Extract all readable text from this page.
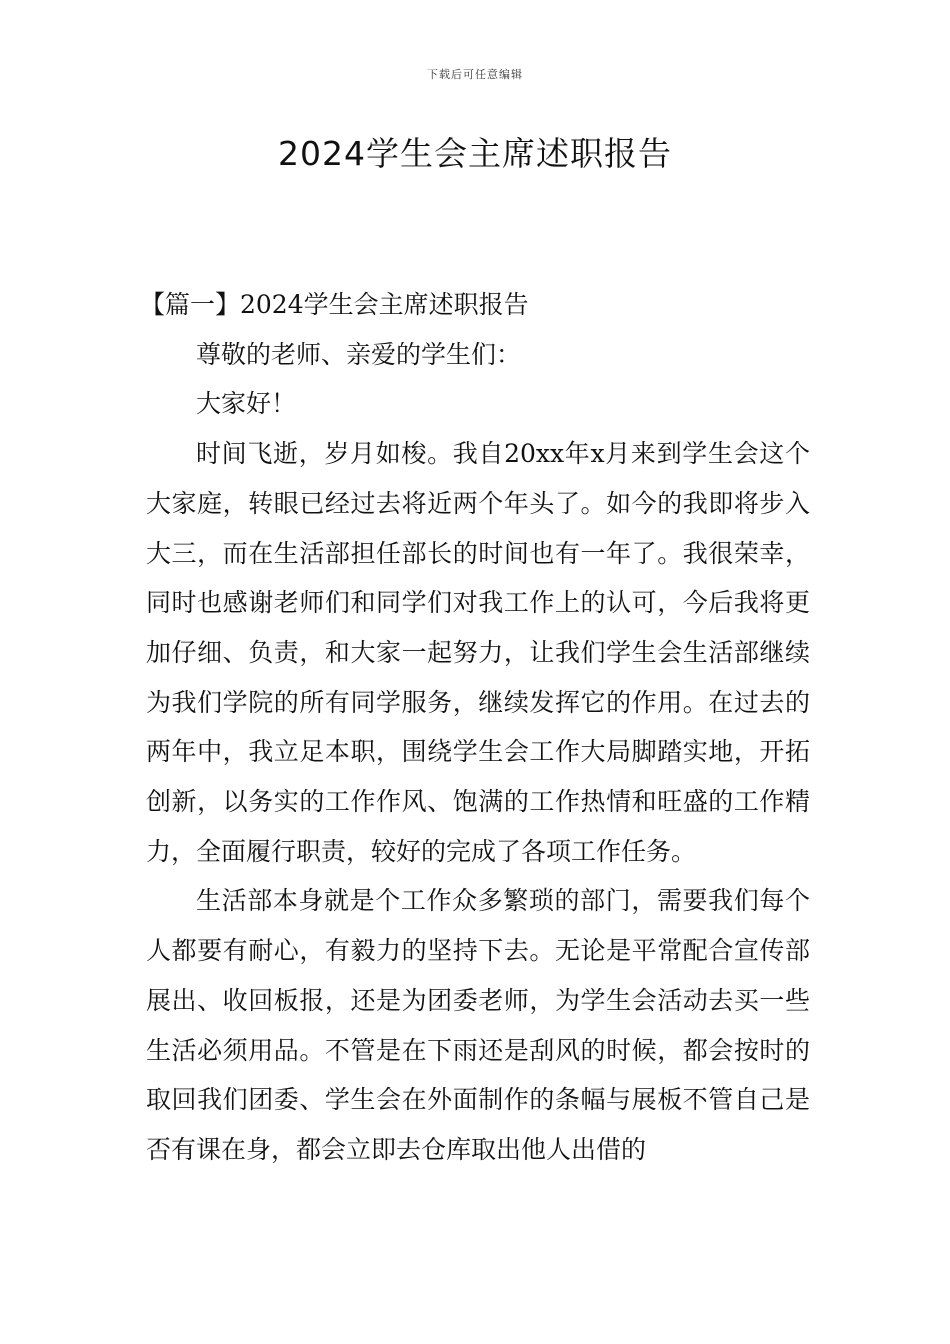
下载后可任意编辑
2024学生会主席述职报告

【篇一】2024学生会主席述职报告

尊敬的老师、亲爱的学生们：

大家好！

时间飞逝，岁月如梭。我自20xx年x月来到学生会这个大家庭，转眼已经过去将近两个年头了。如今的我即将步入大三，而在生活部担任部长的时间也有一年了。我很荣幸，同时也感谢老师们和同学们对我工作上的认可，今后我将更加仔细、负责，和大家一起努力，让我们学生会生活部继续为我们学院的所有同学服务，继续发挥它的作用。在过去的两年中，我立足本职，围绕学生会工作大局脚踏实地，开拓创新，以务实的工作作风、饱满的工作热情和旺盛的工作精力，全面履行职责，较好的完成了各项工作任务。

生活部本身就是个工作众多繁琐的部门，需要我们每个人都要有耐心，有毅力的坚持下去。无论是平常配合宣传部展出、收回板报，还是为团委老师，为学生会活动去买一些生活必须用品。不管是在下雨还是刮风的时候，都会按时的取回我们团委、学生会在外面制作的条幅与展板不管自己是否有课在身，都会立即去仓库取出他人出借的
